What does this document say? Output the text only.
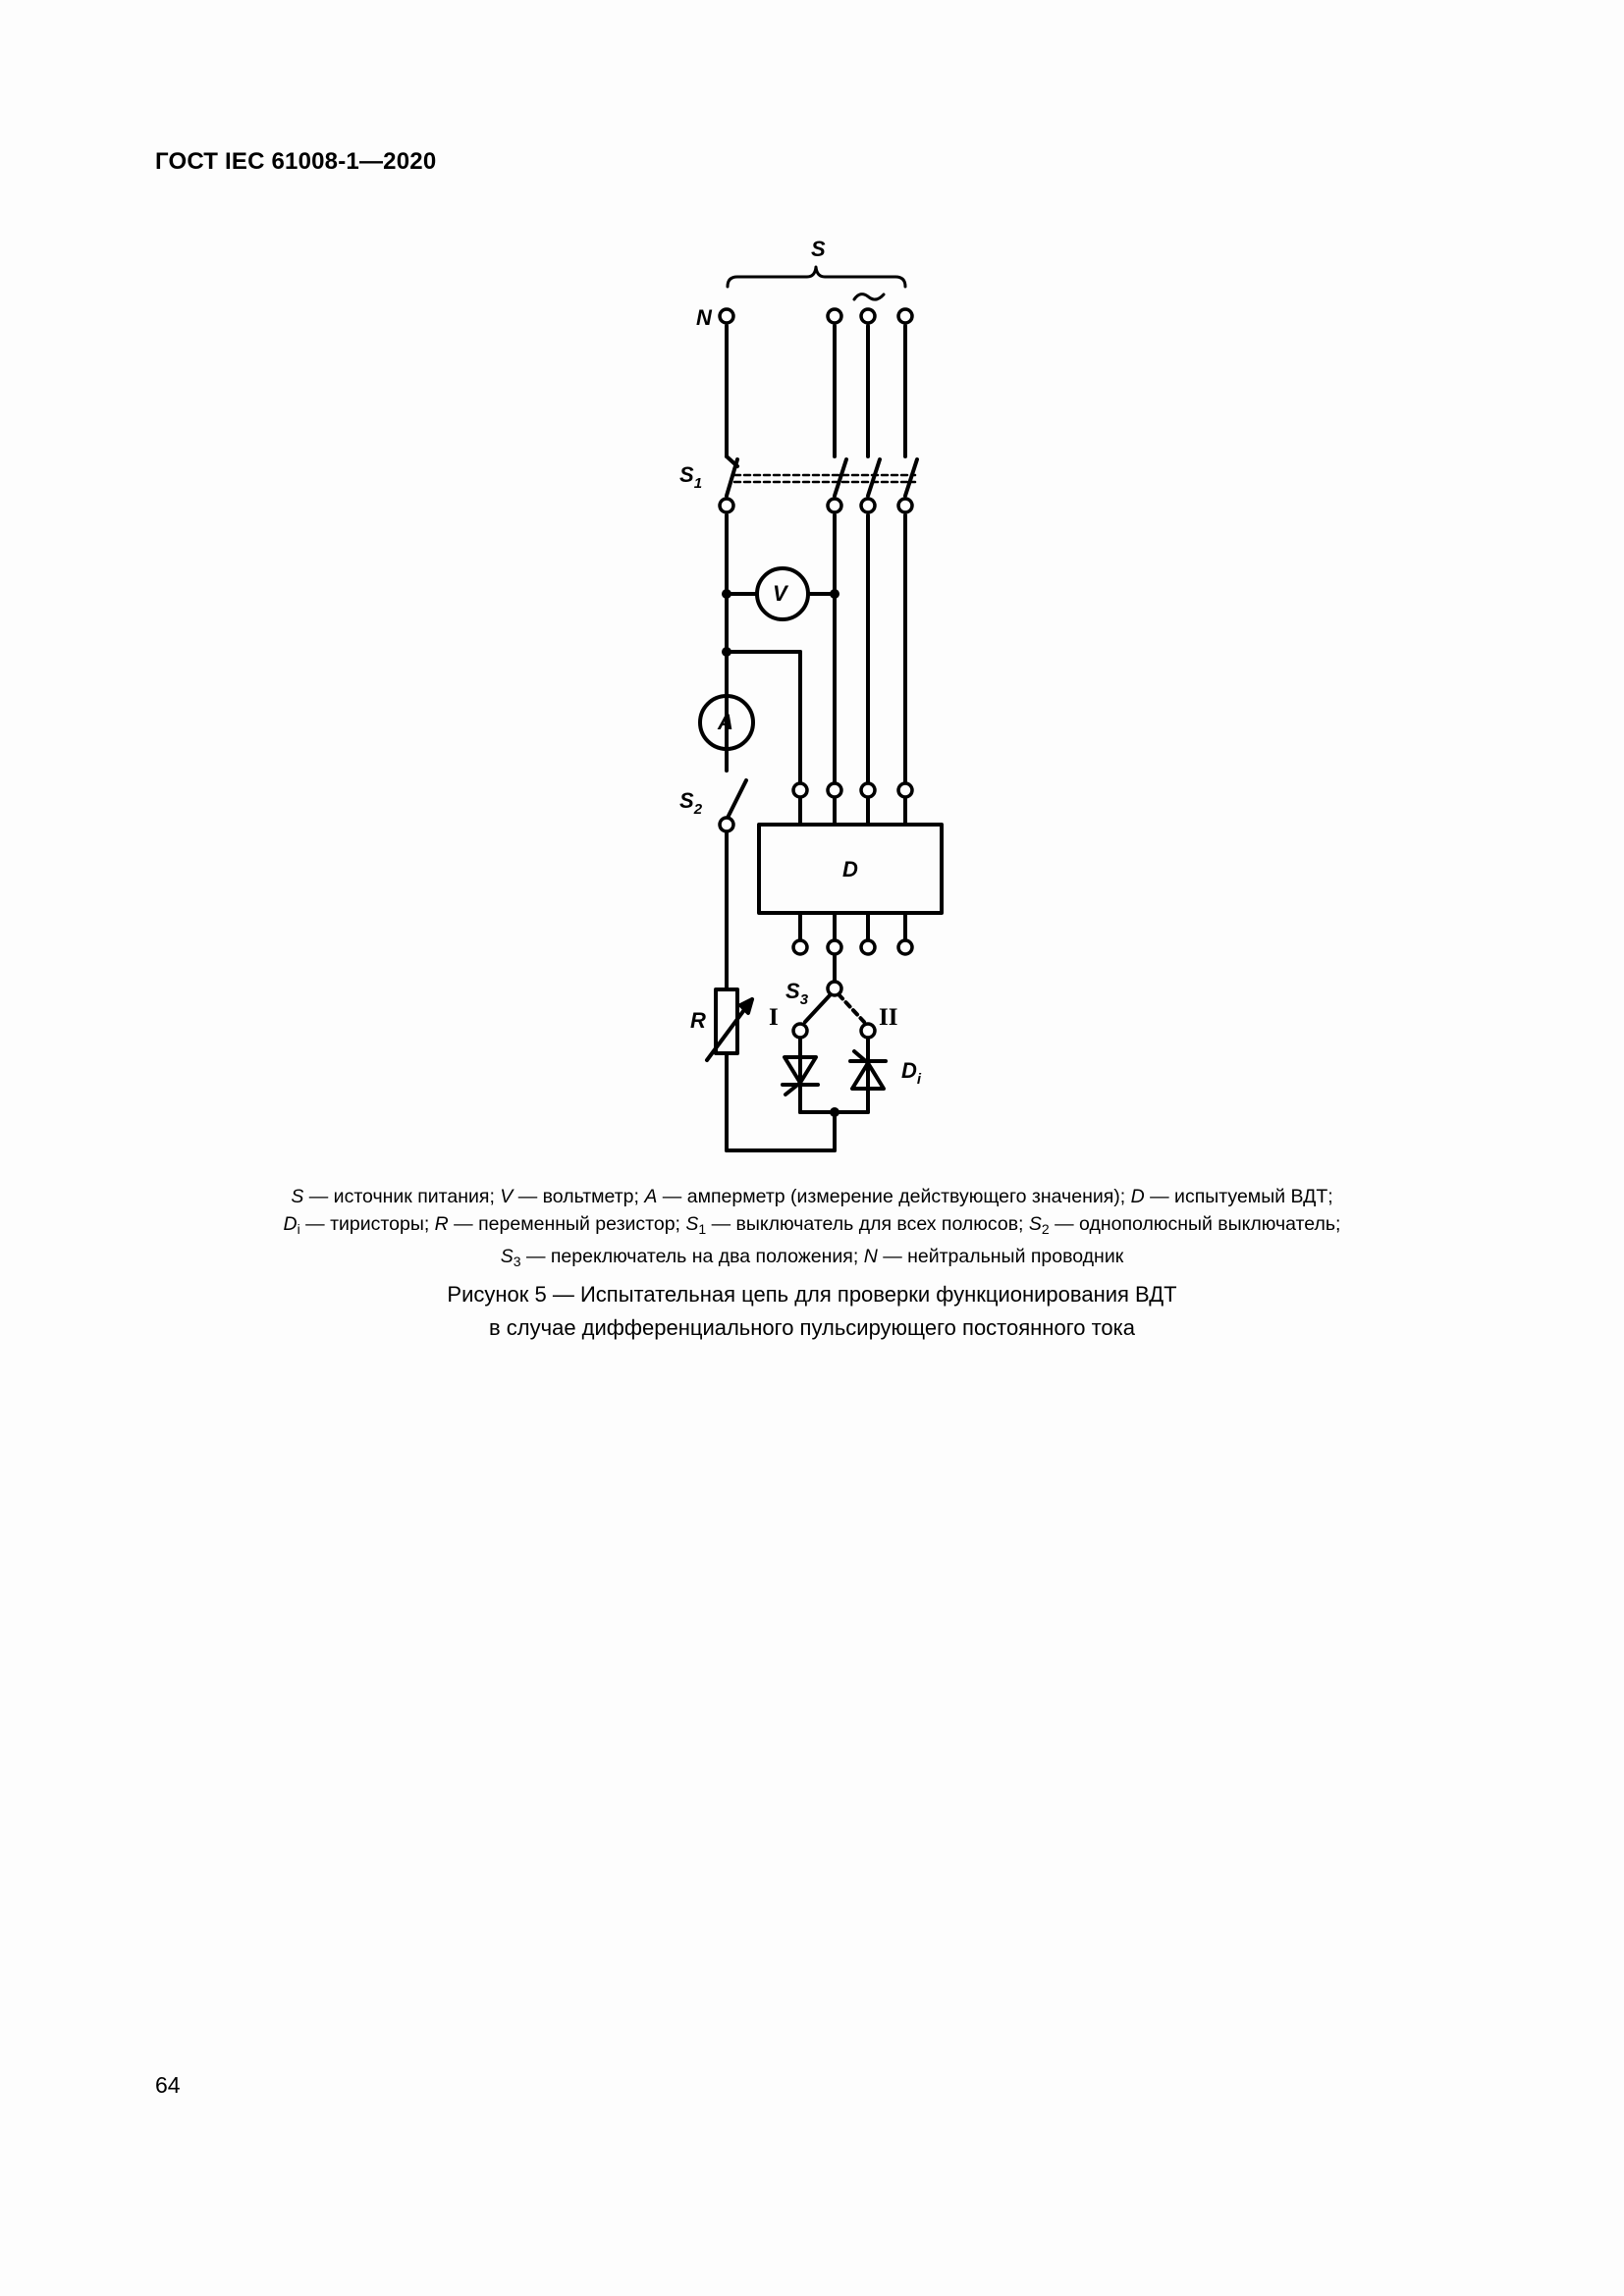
ГОСТ IEC 61008-1—2020
S
N
$S_1$
V
A
$S_2$
D
$S_3$
R	I	II
$D_i$
S — источник питания; V — вольтметр; A — амперметр (измерение действующего значения); D — испытуемый ВДТ;
$D_i$ — тиристоры; R — переменный резистор; $S_1$ — выключатель для всех полюсов; $S_2$ — однополюсный выключатель;
$S_3$ — переключатель на два положения; N — нейтральный проводник
Рисунок 5 — Испытательная цепь для проверки функционирования ВДТ
в случае дифференциального пульсирующего постоянного тока
64
